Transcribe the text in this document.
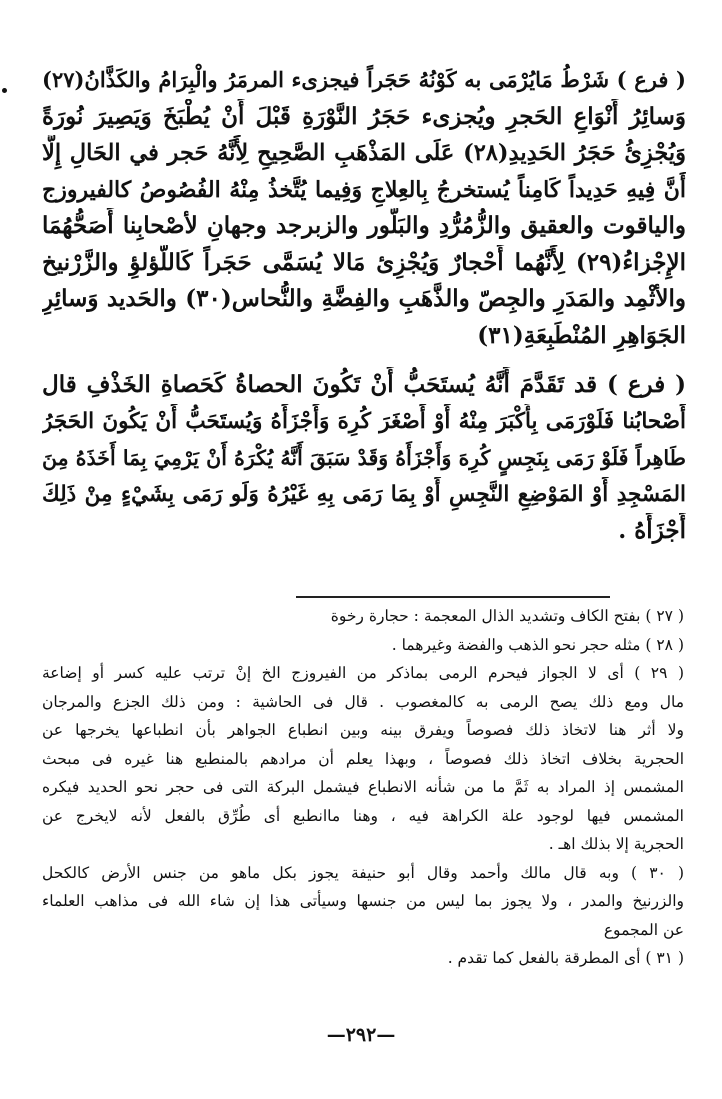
( فرع ) شَرْطُ مَايُرْمَى به كَوْنُهُ حَجَراً فيجزىء المرمَرُ والْبِرَامُ والكَذَّانُ(٢٧)
وَسائِرُ أَنْوَاعِ الحَجرِ ويُجزىء حَجَرُ النَّوْرَةِ قَبْلَ أَنْ يُطْبَخَ وَيَصِيرَ نُورَةً
وَيُجْزِئُ حَجَرُ الحَدِيدِ(٢٨) عَلَى المَذْهَبِ الصَّحِيحِ لِأَنَّهُ حَجر في الحَالِ إِلَّا
أَنَّ فِيهِ حَدِيداً كَامِناً يُستخرجُ بِالعِلاجِ وَفِيما يُتَّخذُ مِنْهُ الفُصُوصُ كالفيروزج
والياقوت والعقيق والزُّمُرُّدِ والبَلُّور والزبرجد وجهانِ لأصْحابِنا أَصَحُّهُمَا
الإِجْزاءُ(٢٩) لِأَنَّهُما أَحْجارٌ وَيُجْزِئ مَالا يُسَمَّى حَجَراً كَاللُّؤلؤِ والزَّرْنيخ
والأثْمِد والمَدَرِ والجِصّ والذَّهَبِ والفِضَّةِ والنُّحاس(٣٠) والحَديد وَسائِرِ
الجَوَاهِرِ المُنْطَبِعَةِ(٣١)
( فرع ) قد تَقَدَّمَ أَنَّهُ يُستَحَبُّ أَنْ تَكُونَ الحصاةُ كَحَصاةِ الخَذْفِ قال
أَصْحابُنا فَلَوْرَمَى بِأَكْبَرَ مِنْهُ أَوْ أَصْغَرَ كُرِهَ وَأَجْزَأَهُ وَيُستَحَبُّ أَنْ يَكُونَ الحَجَرُ
طَاهِراً فَلَوْ رَمَى بِنَجِسٍ كُرِهَ وَأَجْزَأَهُ وَقَدْ سَبَقَ أَنَّهُ يُكْرَهُ أَنْ يَرْمِيَ بِمَا أَخَذَهُ مِنَ
المَسْجِدِ أَوْ المَوْضِعِ النَّجِسِ أَوْ بِمَا رَمَى بِهِ غَيْرُهُ وَلَو رَمَى بِشَيْءٍ مِنْ ذَلِكَ
أَجْزَأَهُ .
( ٢٧ ) بفتح الكاف وتشديد الذال المعجمة : حجارة رخوة
( ٢٨ ) مثله حجر نحو الذهب والفضة وغيرهما .
( ٢٩ ) أى لا الجواز فيحرم الرمى بماذكر من الفيروزج الخ إنْ ترتب عليه كسر أو إضاعة
مال ومع ذلك يصح الرمى به كالمغصوب . قال فى الحاشية : ومن ذلك الجزع والمرجان
ولا أثر هنا لاتخاذ ذلك فصوصاً ويفرق بينه وبين انطباع الجواهر بأن انطباعها يخرجها عن
الحجرية بخلاف اتخاذ ذلك فصوصاً ، وبهذا يعلم أن مرادهم بالمنطبع هنا غيره فى مبحث
المشمس إذ المراد به ثَمَّ ما من شأنه الانطباع فيشمل البركة التى فى حجر نحو الحديد فيكره
المشمس فيها لوجود علة الكراهة فيه ، وهنا ماانطبع أى طُرِّق بالفعل لأنه لايخرج عن
الحجرية إلا بذلك اهـ .
( ٣٠ ) وبه قال مالك وأحمد وقال أبو حنيفة يجوز بكل ماهو من جنس الأرض كالكحل
والزرنيخ والمدر ، ولا يجوز بما ليس من جنسها وسيأتى هذا إن شاء الله فى مذاهب العلماء
عن المجموع
( ٣١ ) أى المطرقة بالفعل كما تقدم .
—٢٩٢—
